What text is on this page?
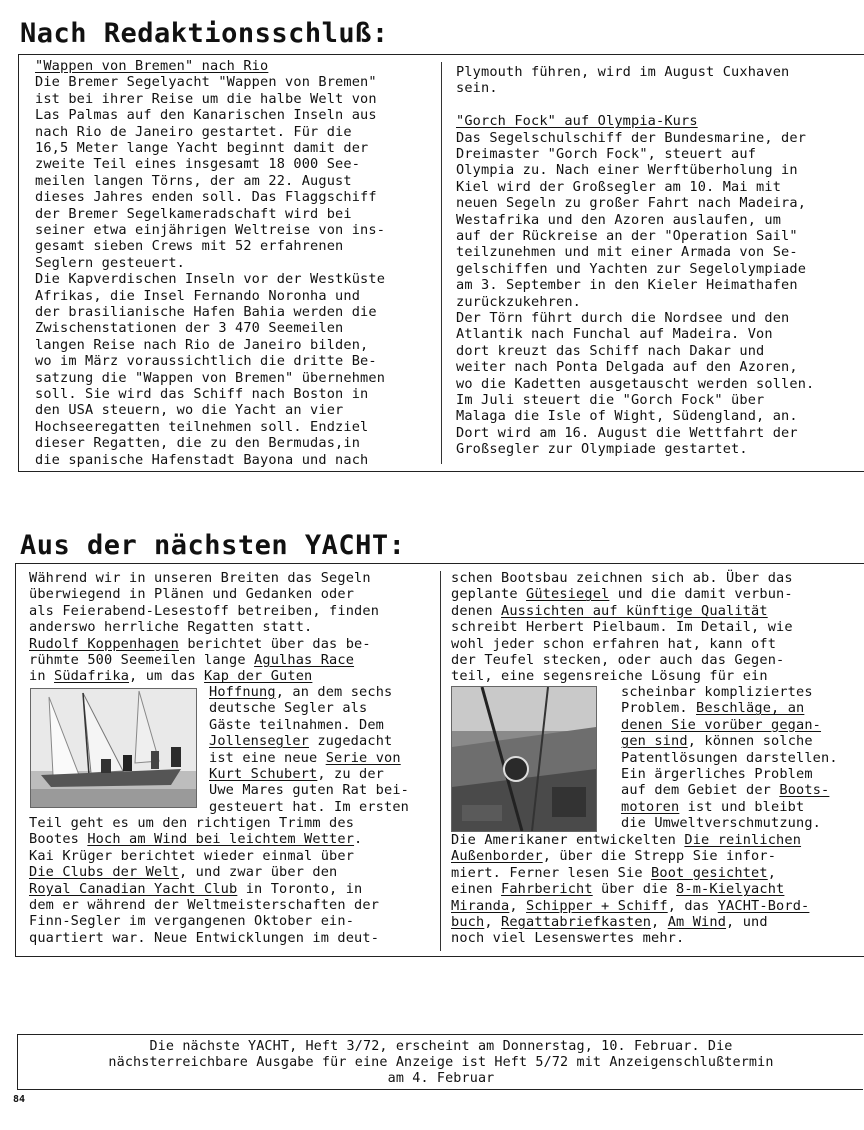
Nach Redaktionsschluß:
"Wappen von Bremen" nach Rio
Die Bremer Segelyacht "Wappen von Bremen"
ist bei ihrer Reise um die halbe Welt von
Las Palmas auf den Kanarischen Inseln aus
nach Rio de Janeiro gestartet. Für die
16,5 Meter lange Yacht beginnt damit der
zweite Teil eines insgesamt 18 000 See-
meilen langen Törns, der am 22. August
dieses Jahres enden soll. Das Flaggschiff
der Bremer Segelkameradschaft wird bei
seiner etwa einjährigen Weltreise von ins-
gesamt sieben Crews mit 52 erfahrenen
Seglern gesteuert.
Die Kapverdischen Inseln vor der Westküste
Afrikas, die Insel Fernando Noronha und
der brasilianische Hafen Bahia werden die
Zwischenstationen der 3 470 Seemeilen
langen Reise nach Rio de Janeiro bilden,
wo im März voraussichtlich die dritte Be-
satzung die "Wappen von Bremen" übernehmen
soll. Sie wird das Schiff nach Boston in
den USA steuern, wo die Yacht an vier
Hochseeregatten teilnehmen soll. Endziel
dieser Regatten, die zu den Bermudas,in
die spanische Hafenstadt Bayona und nach
Plymouth führen, wird im August Cuxhaven
sein.
"Gorch Fock" auf Olympia-Kurs
Das Segelschulschiff der Bundesmarine, der
Dreimaster "Gorch Fock", steuert auf
Olympia zu. Nach einer Werftüberholung in
Kiel wird der Großsegler am 10. Mai mit
neuen Segeln zu großer Fahrt nach Madeira,
Westafrika und den Azoren auslaufen, um
auf der Rückreise an der "Operation Sail"
teilzunehmen und mit einer Armada von Se-
gelschiffen und Yachten zur Segelolympiade
am 3. September in den Kieler Heimathafen
zurückzukehren.
Der Törn führt durch die Nordsee und den
Atlantik nach Funchal auf Madeira. Von
dort kreuzt das Schiff nach Dakar und
weiter nach Ponta Delgada auf den Azoren,
wo die Kadetten ausgetauscht werden sollen.
Im Juli steuert die "Gorch Fock" über
Malaga die Isle of Wight, Südengland, an.
Dort wird am 16. August die Wettfahrt der
Großsegler zur Olympiade gestartet.
Aus der nächsten YACHT:
Während wir in unseren Breiten das Segeln
überwiegend in Plänen und Gedanken oder
als Feierabend-Lesestoff betreiben, finden
anderswo herrliche Regatten statt.
Rudolf Koppenhagen berichtet über das be-
rühmte 500 Seemeilen lange Agulhas Race
in Südafrika, um das Kap der Guten
Hoffnung, an dem sechs
deutsche Segler als
Gäste teilnahmen. Dem
Jollensegler zugedacht
ist eine neue Serie von
Kurt Schubert, zu der
Uwe Mares guten Rat bei-
gesteuert hat. Im ersten
Teil geht es um den richtigen Trimm des
Bootes Hoch am Wind bei leichtem Wetter.
Kai Krüger berichtet wieder einmal über
Die Clubs der Welt, und zwar über den
Royal Canadian Yacht Club in Toronto, in
dem er während der Weltmeisterschaften der
Finn-Segler im vergangenen Oktober ein-
quartiert war. Neue Entwicklungen im deut-
schen Bootsbau zeichnen sich ab. Über das
geplante Gütesiegel und die damit verbun-
denen Aussichten auf künftige Qualität
schreibt Herbert Pielbaum. Im Detail, wie
wohl jeder schon erfahren hat, kann oft
der Teufel stecken, oder auch das Gegen-
teil, eine segensreiche Lösung für ein
scheinbar kompliziertes
Problem. Beschläge, an
denen Sie vorüber gegan-
gen sind, können solche
Patentlösungen darstellen.
Ein ärgerliches Problem
auf dem Gebiet der Boots-
motoren ist und bleibt
die Umweltverschmutzung.
Die Amerikaner entwickelten Die reinlichen
Außenborder, über die Strepp Sie infor-
miert. Ferner lesen Sie Boot gesichtet,
einen Fahrbericht über die 8-m-Kielyacht
Miranda, Schipper + Schiff, das YACHT-Bord-
buch, Regattabriefkasten, Am Wind, und
noch viel Lesenswertes mehr.
Die nächste YACHT, Heft 3/72, erscheint am Donnerstag, 10. Februar. Die
nächsterreichbare Ausgabe für eine Anzeige ist Heft 5/72 mit Anzeigenschlußtermin
am 4. Februar
84
